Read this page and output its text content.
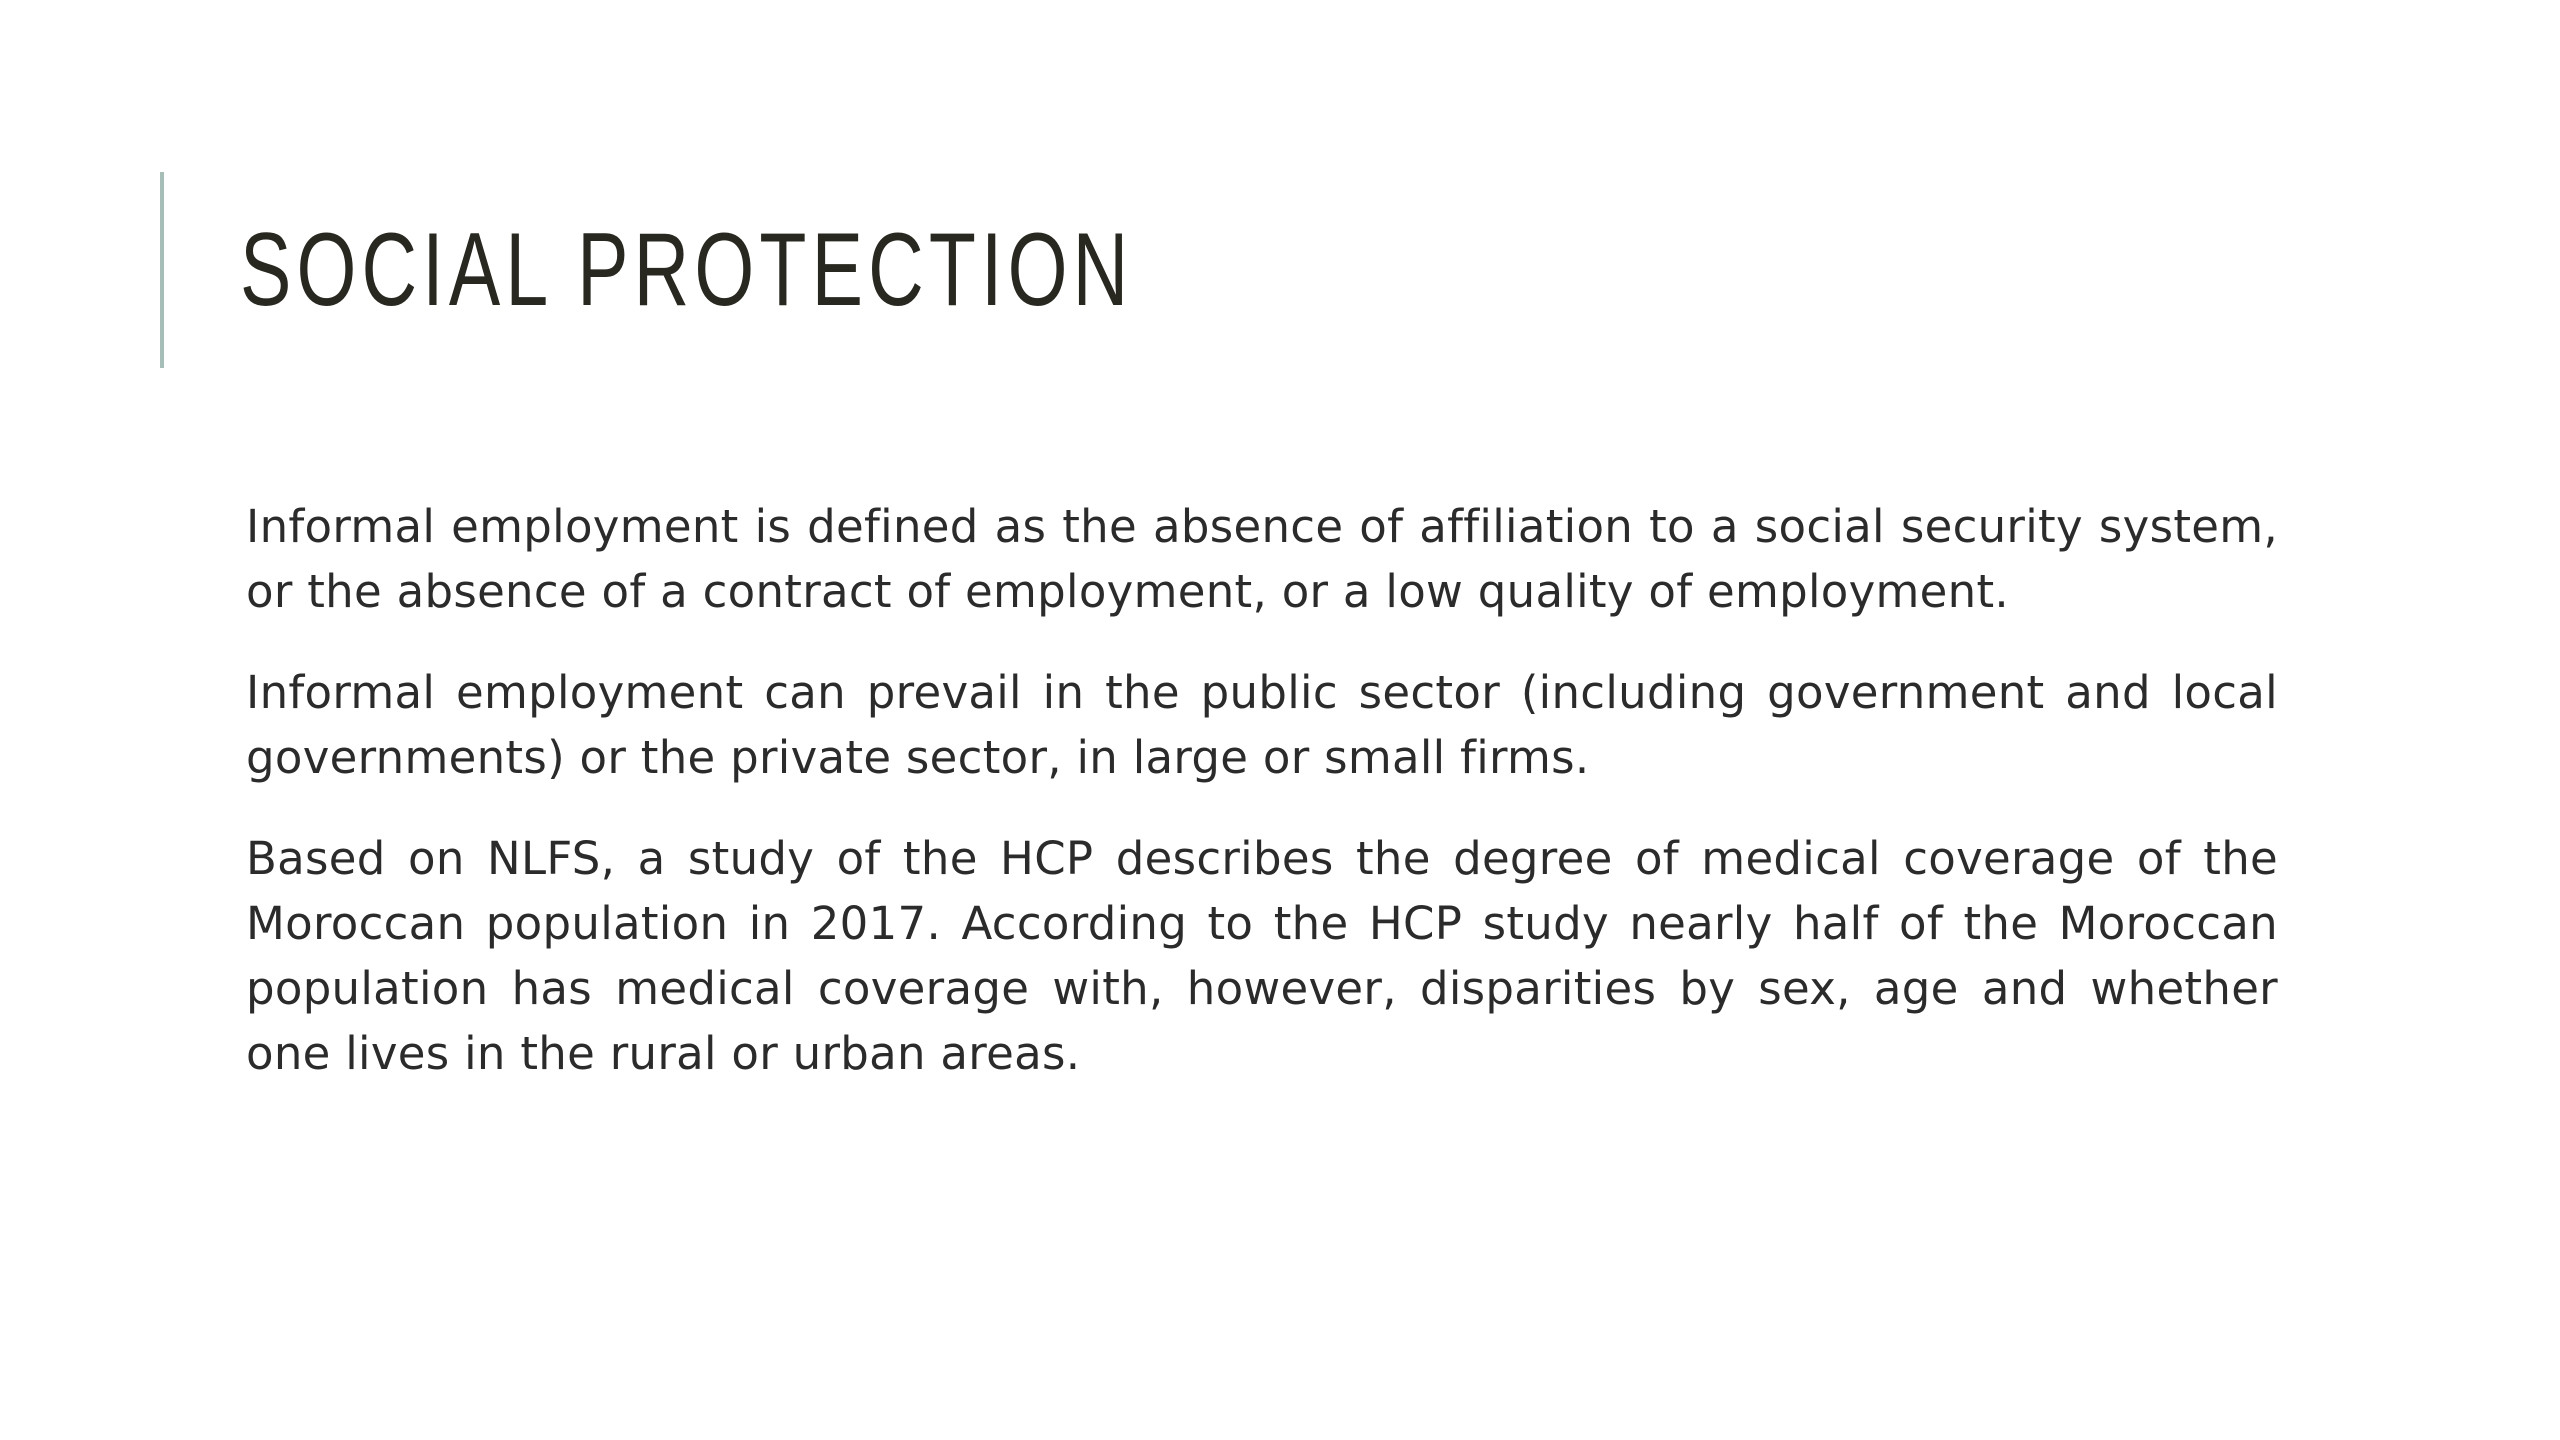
SOCIAL PROTECTION

Informal employment is defined as the absence of affiliation to a social security system, or the absence of a contract of employment, or a low quality of employment.

Informal employment can prevail in the public sector (including government and local governments) or the private sector, in large or small firms.

Based on NLFS, a study of the HCP describes the degree of medical coverage of the Moroccan population in 2017. According to the HCP study nearly half of the Moroccan population has medical coverage with, however, disparities by sex, age and whether one lives in the rural or urban areas.
